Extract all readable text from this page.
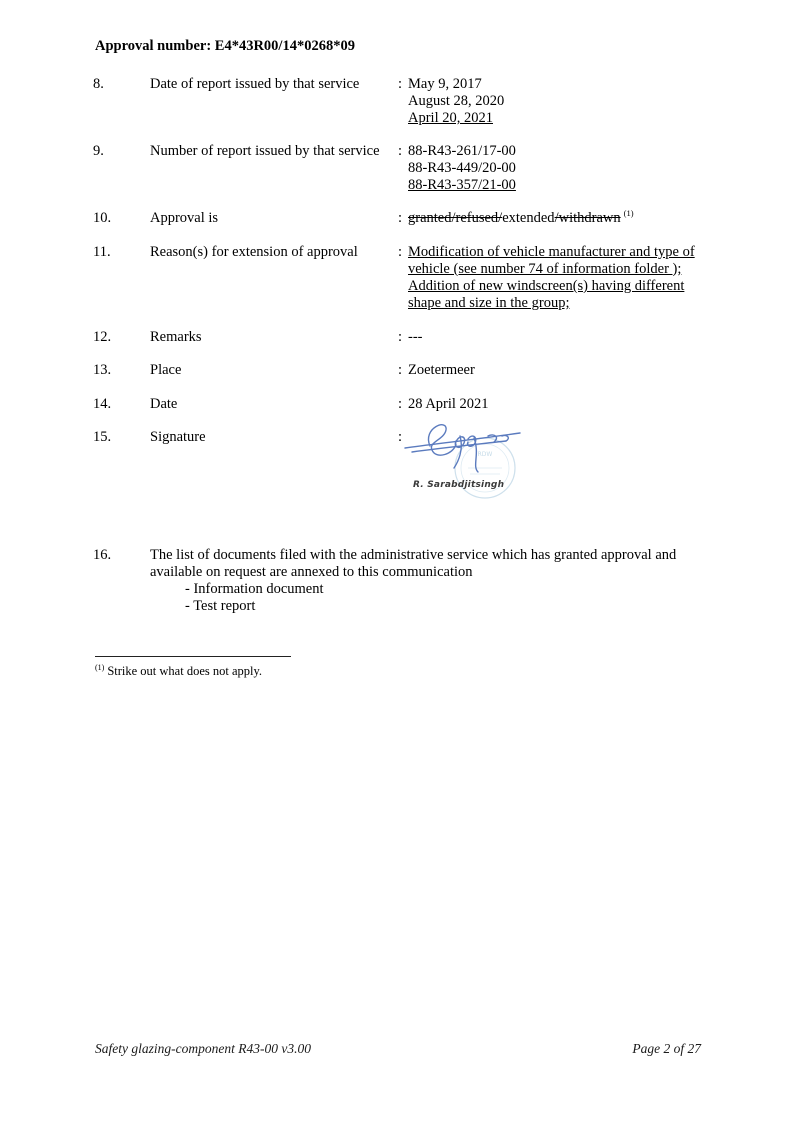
Approval number: E4*43R00/14*0268*09
8.	Date of report issued by that service	: May 9, 2017
August 28, 2020
April 20, 2021
9.	Number of report issued by that service	: 88-R43-261/17-00
88-R43-449/20-00
88-R43-357/21-00
10.	Approval is	: granted/refused/extended/withdrawn $^{(1)}$
11.	Reason(s) for extension of approval	: Modification of vehicle manufacturer and type of vehicle (see number 74 of information folder ); Addition of new windscreen(s) having different shape and size in the group;
12.	Remarks	: ---
13.	Place	: Zoetermeer
14.	Date	: 28 April 2021
15.	Signature	:
RDW
R. Sarabdjitsingh
16.	The list of documents filed with the administrative service which has granted approval and available on request are annexed to this communication
- Information document
- Test report
$^{(1)}$ Strike out what does not apply.
Safety glazing-component R43-00 v3.00	Page 2 of 27
